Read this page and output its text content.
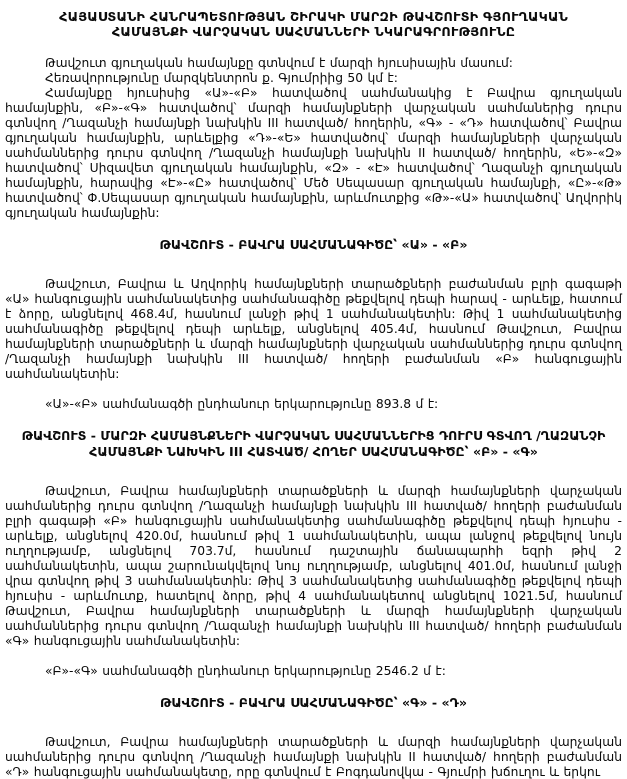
ՀԱՅԱՍՏԱՆԻ ՀԱՆՐԱՊԵՏՈՒԹՅԱՆ ՇԻՐԱԿԻ ՄԱՐԶԻ ԹԱՎՇՈՒՏԻ ԳՅՈՒՂԱԿԱՆ ՀԱՄԱՅՆՔԻ ՎԱՐՉԱԿԱՆ ՍԱՀՄԱՆՆԵՐԻ ՆԿԱՐԱԳՐՈՒԹՅՈՒՆԸ

Թավշուտ գյուղական համայնքը գտնվում է մարզի հյուսիսային մասում:

Հեռավորությունը մարզկենտրոն ք. Գյումրիից 50 կմ է:

Համայնքը հյուսիսից «Ա»-«Բ» հատվածով սահմանակից է Բավրա գյուղական համայնքին, «Բ»-«Գ» հատվածով՝ մարզի համայնքների վարչական սահմաներից դուրս գտնվող /Ղազանչի համայնքի նախկին III հատված/ հողերին, «Գ» - «Դ» հատվածով՝ Բավրա գյուղական համայնքին, արևելքից «Դ»-«Ե» հատվածով՝ մարզի համայնքների վարչական սահմաններից դուրս գտնվող /Ղազանչի համայնքի նախկին II հատված/ հողերին, «Ե»-«Զ» հատվածով՝ Սիզավետ գյուղական համայնքին, «Զ» - «Է» հատվածով՝ Ղազանչի գյուղական համայնքին, հարավից «Է»-«Ը» հատվածով՝ Մեծ Սեպասար գյուղական համայնքի, «Ը»-«Թ» հատվածով՝ Փ.Սեպասար գյուղական համայնքին, արևմուտքից «Թ»-«Ա» հատվածով՝ Աղվորիկ գյուղական համայնքին:

ԹԱՎՇՈՒՏ - ԲԱՎՐԱ ՍԱՀՄԱՆԱԳԻԾԸ՝ «Ա» - «Բ»

Թավշուտ, Բավրա և Աղվորիկ համայնքների տարածքների բաժանման բլրի գագաթի «Ա» հանգուցային սահմանակետից սահմանագիծը թեքվելով դեպի հարավ - արևելք, հատում է ձորը, անցնելով 468.4մ, հասնում լանջի թիվ 1 սահմանակետին: Թիվ 1 սահմանակետից սահմանագիծը թեքվելով դեպի արևելք, անցնելով 405.4մ, հասնում Թավշուտ, Բավրա համայնքների տարածքների և մարզի համայնքների վարչական սահմաններից դուրս գտնվող /Ղազանչի համայնքի նախկին III հատված/ հողերի բաժանման «Բ» հանգուցային սահմանակետին:

«Ա»-«Բ» սահմանագծի ընդհանուր երկարությունը 893.8 մ է:

ԹԱՎՇՈՒՏ - ՄԱՐԶԻ ՀԱՄԱՅՆՔՆԵՐԻ ՎԱՐՉԱԿԱՆ ՍԱՀՄԱՆՆԵՐԻՑ ԴՈՒՐՍ ԳՏՎՈՂ /ՂԱԶԱՆՉԻ ՀԱՄԱՅՆՔԻ ՆԱԽԿԻՆ III ՀԱՏՎԱԾ/ ՀՈՂԵՐ ՍԱՀՄԱՆԱԳԻԾԸ՝ «Բ» - «Գ»

Թավշուտ, Բավրա համայնքների տարածքների և մարզի համայնքների վարչական սահմաներից դուրս գտնվող /Ղազանչի համայնքի նախկին III հատված/ հողերի բաժանման բլրի գագաթի «Բ» հանգուցային սահմանակետից սահմանագիծը թեքվելով դեպի հյուսիս - արևելք, անցնելով 420.0մ, հասնում թիվ 1 սահմանակետին, ապա լանջով թեքվելով նույն ուղղությամբ, անցնելով 703.7մ, հասնում դաշտային ճանապարհի եզրի թիվ 2 սահմանակետին, ապա շարունակվելով նույ ուղղությամբ, անցնելով 401.0մ, հասնում լանջի վրա գտնվող թիվ 3 սահմանակետին: Թիվ 3 սահմանակետից սահմանագիծը թեքվելով դեպի հյուսիս - արևմուտք, հատելով ձորը, թիվ 4 սահմանակետով անցնելով 1021.5մ, հասնում Թավշուտ, Բավրա համայնքների տարածքների և մարզի համայնքների վարչական սահմաններից դուրս գտնվող /Ղազանչի համայնքի նախկին III հատված/ հողերի բաժանման «Գ» հանգուցային սահմանակետին:

«Բ»-«Գ» սահմանագծի ընդհանուր երկարությունը 2546.2 մ է:

ԹԱՎՇՈՒՏ - ԲԱՎՐԱ ՍԱՀՄԱՆԱԳԻԾԸ՝ «Գ» - «Դ»

Թավշուտ, Բավրա համայնքների տարածքների և մարզի համայնքների վարչական սահմաներից դուրս գտնվող /Ղազանչի համայնքի նախկին II հատված/ հողերի բաժանման «Դ» հանգուցային սահմանակետը, որը գտնվում է Բոգդանովկա - Գյումրի խճուղու և երկու
